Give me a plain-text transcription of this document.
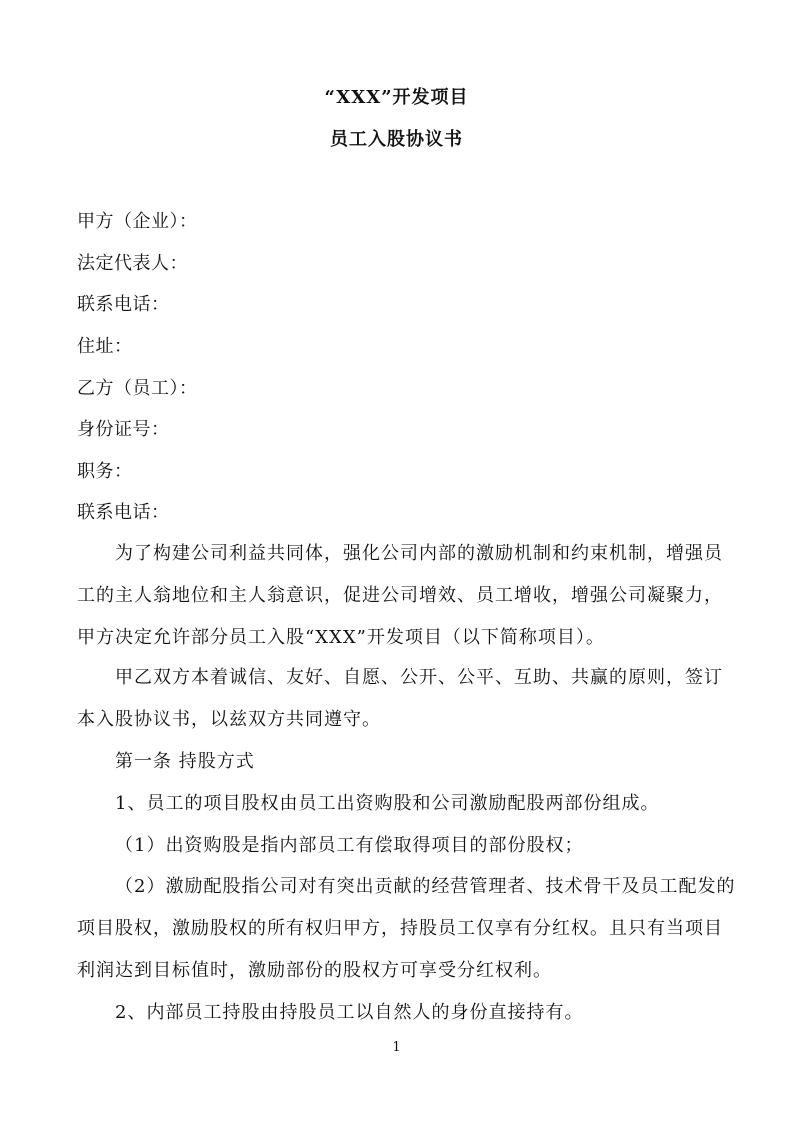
“XXX”开发项目
员工入股协议书
甲方（企业）：
法定代表人：
联系电话：
住址：
乙方（员工）：
身份证号：
职务：
联系电话：
为了构建公司利益共同体，强化公司内部的激励机制和约束机制，增强员
工的主人翁地位和主人翁意识，促进公司增效、员工增收，增强公司凝聚力，
甲方决定允许部分员工入股“XXX”开发项目（以下简称项目）。
甲乙双方本着诚信、友好、自愿、公开、公平、互助、共赢的原则，签订
本入股协议书，以兹双方共同遵守。
第一条 持股方式
1、员工的项目股权由员工出资购股和公司激励配股两部份组成。
（1）出资购股是指内部员工有偿取得项目的部份股权；
（2）激励配股指公司对有突出贡献的经营管理者、技术骨干及员工配发的
项目股权，激励股权的所有权归甲方，持股员工仅享有分红权。且只有当项目
利润达到目标值时，激励部份的股权方可享受分红权利。
2、内部员工持股由持股员工以自然人的身份直接持有。
1
